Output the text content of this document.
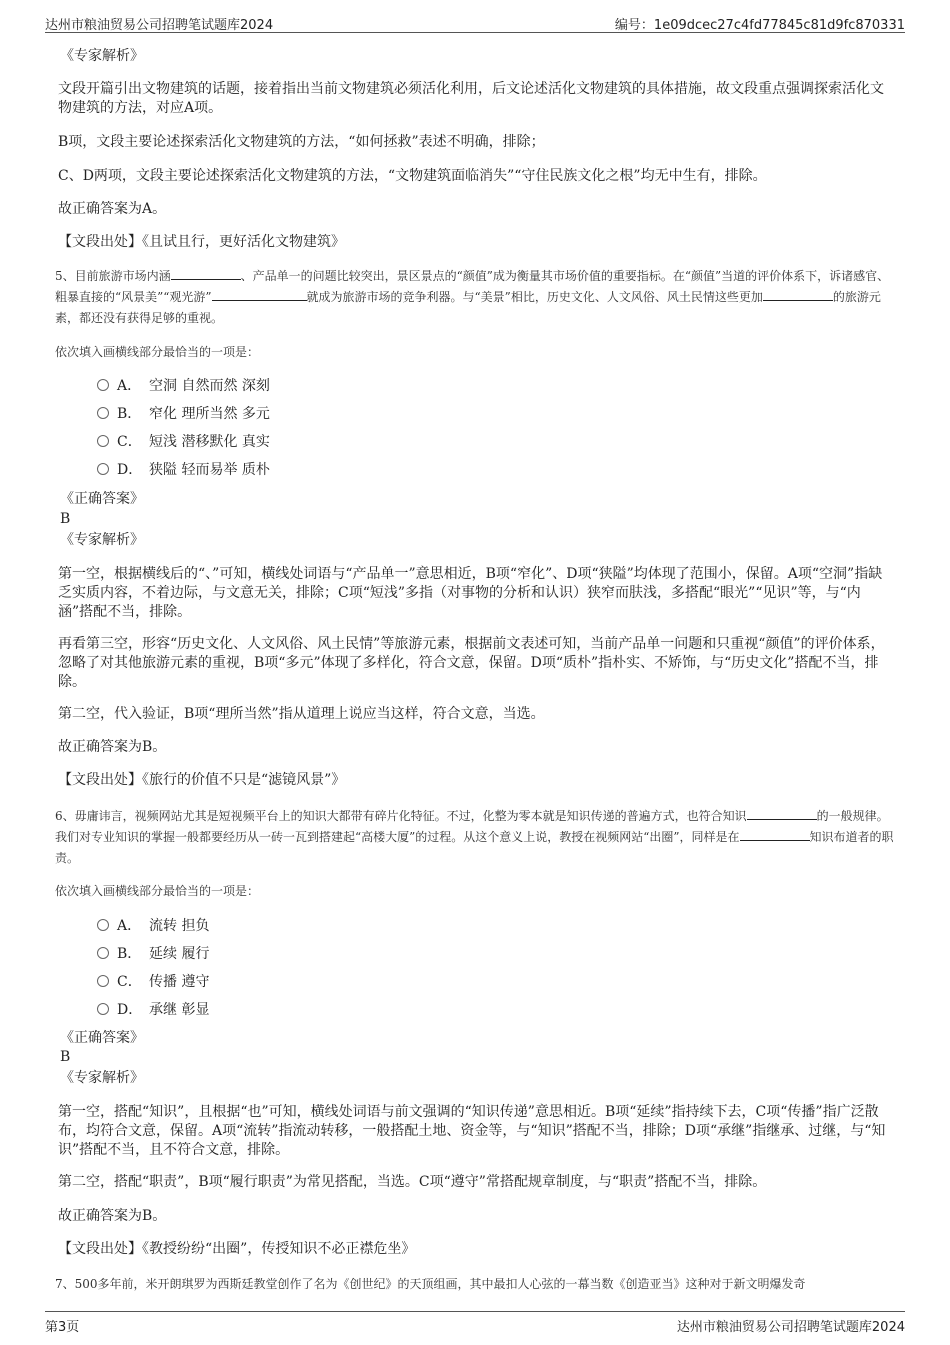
达州市粮油贸易公司招聘笔试题库2024	编号：1e09dcec27c4fd77845c81d9fc870331

《专家解析》

文段开篇引出文物建筑的话题，接着指出当前文物建筑必须活化利用，后文论述活化文物建筑的具体措施，故文段重点强调探索活化文物建筑的方法，对应A项。

B项，文段主要论述探索活化文物建筑的方法，“如何拯救”表述不明确，排除；

C、D两项，文段主要论述探索活化文物建筑的方法，“文物建筑面临消失”“守住民族文化之根”均无中生有，排除。

故正确答案为A。

【文段出处】《且试且行，更好活化文物建筑》

5、目前旅游市场内涵	、产品单一的问题比较突出，景区景点的“颜值”成为衡量其市场价值的重要指标。在“颜值”当道的评价体系下，诉诸感官、粗暴直接的“风景美”“观光游”	就成为旅游市场的竞争利器。与“美景”相比，历史文化、人文风俗、风土民情这些更加	的旅游元素，都还没有获得足够的重视。

依次填入画横线部分最恰当的一项是：

A． 空洞 自然而然 深刻
B． 窄化 理所当然 多元
C． 短浅 潜移默化 真实
D． 狭隘 轻而易举 质朴

《正确答案》

B

《专家解析》

第一空，根据横线后的“、”可知，横线处词语与“产品单一”意思相近，B项“窄化”、D项“狭隘”均体现了范围小，保留。A项“空洞”指缺乏实质内容，不着边际，与文意无关，排除；C项“短浅”多指（对事物的分析和认识）狭窄而肤浅，多搭配“眼光”“见识”等，与“内涵”搭配不当，排除。

再看第三空，形容“历史文化、人文风俗、风土民情”等旅游元素，根据前文表述可知，当前产品单一问题和只重视“颜值”的评价体系，忽略了对其他旅游元素的重视，B项“多元”体现了多样化，符合文意，保留。D项“质朴”指朴实、不矫饰，与“历史文化”搭配不当，排除。

第二空，代入验证，B项“理所当然”指从道理上说应当这样，符合文意，当选。

故正确答案为B。

【文段出处】《旅行的价值不只是“滤镜风景”》

6、毋庸讳言，视频网站尤其是短视频平台上的知识大都带有碎片化特征。不过，化整为零本就是知识传递的普遍方式，也符合知识	的一般规律。我们对专业知识的掌握一般都要经历从一砖一瓦到搭建起“高楼大厦”的过程。从这个意义上说，教授在视频网站“出圈”，同样是在	知识布道者的职责。

依次填入画横线部分最恰当的一项是：

A． 流转 担负
B． 延续 履行
C． 传播 遵守
D． 承继 彰显

《正确答案》

B

《专家解析》

第一空，搭配“知识”，且根据“也”可知，横线处词语与前文强调的“知识传递”意思相近。B项“延续”指持续下去，C项“传播”指广泛散布，均符合文意，保留。A项“流转”指流动转移，一般搭配土地、资金等，与“知识”搭配不当，排除；D项“承继”指继承、过继，与“知识”搭配不当，且不符合文意，排除。

第二空，搭配“职责”，B项“履行职责”为常见搭配，当选。C项“遵守”常搭配规章制度，与“职责”搭配不当，排除。

故正确答案为B。

【文段出处】《教授纷纷“出圈”，传授知识不必正襟危坐》

7、500多年前，米开朗琪罗为西斯廷教堂创作了名为《创世纪》的天顶组画，其中最扣人心弦的一幕当数《创造亚当》这种对于新文明爆发奇

第3页	达州市粮油贸易公司招聘笔试题库2024
